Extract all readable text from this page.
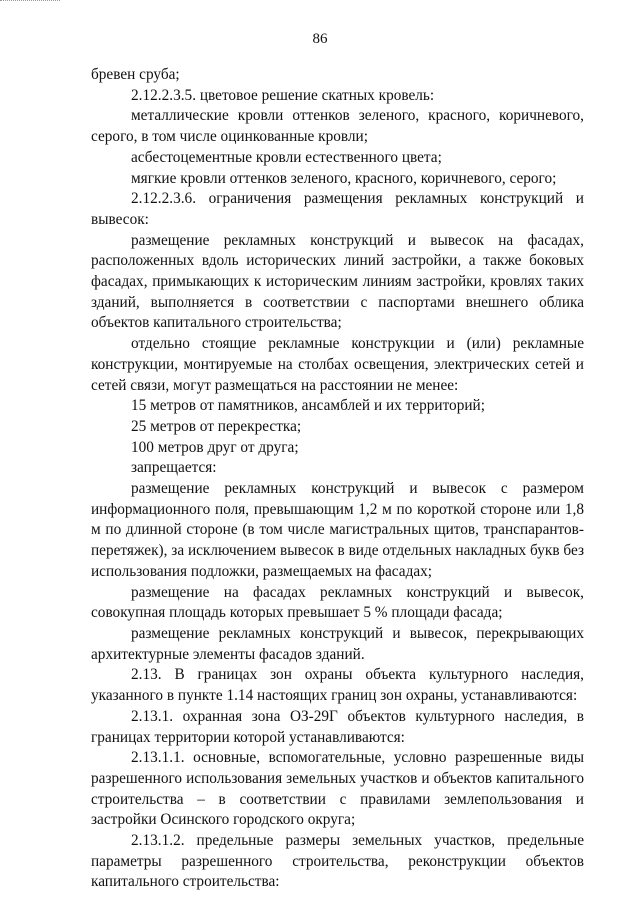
86

бревен сруба;

2.12.2.3.5. цветовое решение скатных кровель:

металлические кровли оттенков зеленого, красного, коричневого, серого, в том числе оцинкованные кровли;

асбестоцементные кровли естественного цвета;

мягкие кровли оттенков зеленого, красного, коричневого, серого;

2.12.2.3.6. ограничения размещения рекламных конструкций и вывесок:

размещение рекламных конструкций и вывесок на фасадах, расположенных вдоль исторических линий застройки, а также боковых фасадах, примыкающих к историческим линиям застройки, кровлях таких зданий, выполняется в соответствии с паспортами внешнего облика объектов капитального строительства;

отдельно стоящие рекламные конструкции и (или) рекламные конструкции, монтируемые на столбах освещения, электрических сетей и сетей связи, могут размещаться на расстоянии не менее:

15 метров от памятников, ансамблей и их территорий;

25 метров от перекрестка;

100 метров друг от друга;

запрещается:

размещение рекламных конструкций и вывесок с размером информационного поля, превышающим 1,2 м по короткой стороне или 1,8 м по длинной стороне (в том числе магистральных щитов, транспарантов-перетяжек), за исключением вывесок в виде отдельных накладных букв без использования подложки, размещаемых на фасадах;

размещение на фасадах рекламных конструкций и вывесок, совокупная площадь которых превышает 5 % площади фасада;

размещение рекламных конструкций и вывесок, перекрывающих архитектурные элементы фасадов зданий.

2.13. В границах зон охраны объекта культурного наследия, указанного в пункте 1.14 настоящих границ зон охраны, устанавливаются:

2.13.1. охранная зона ОЗ-29Г объектов культурного наследия, в границах территории которой устанавливаются:

2.13.1.1. основные, вспомогательные, условно разрешенные виды разрешенного использования земельных участков и объектов капитального строительства – в соответствии с правилами землепользования и застройки Осинского городского округа;

2.13.1.2. предельные размеры земельных участков, предельные параметры разрешенного строительства, реконструкции объектов капитального строительства:
